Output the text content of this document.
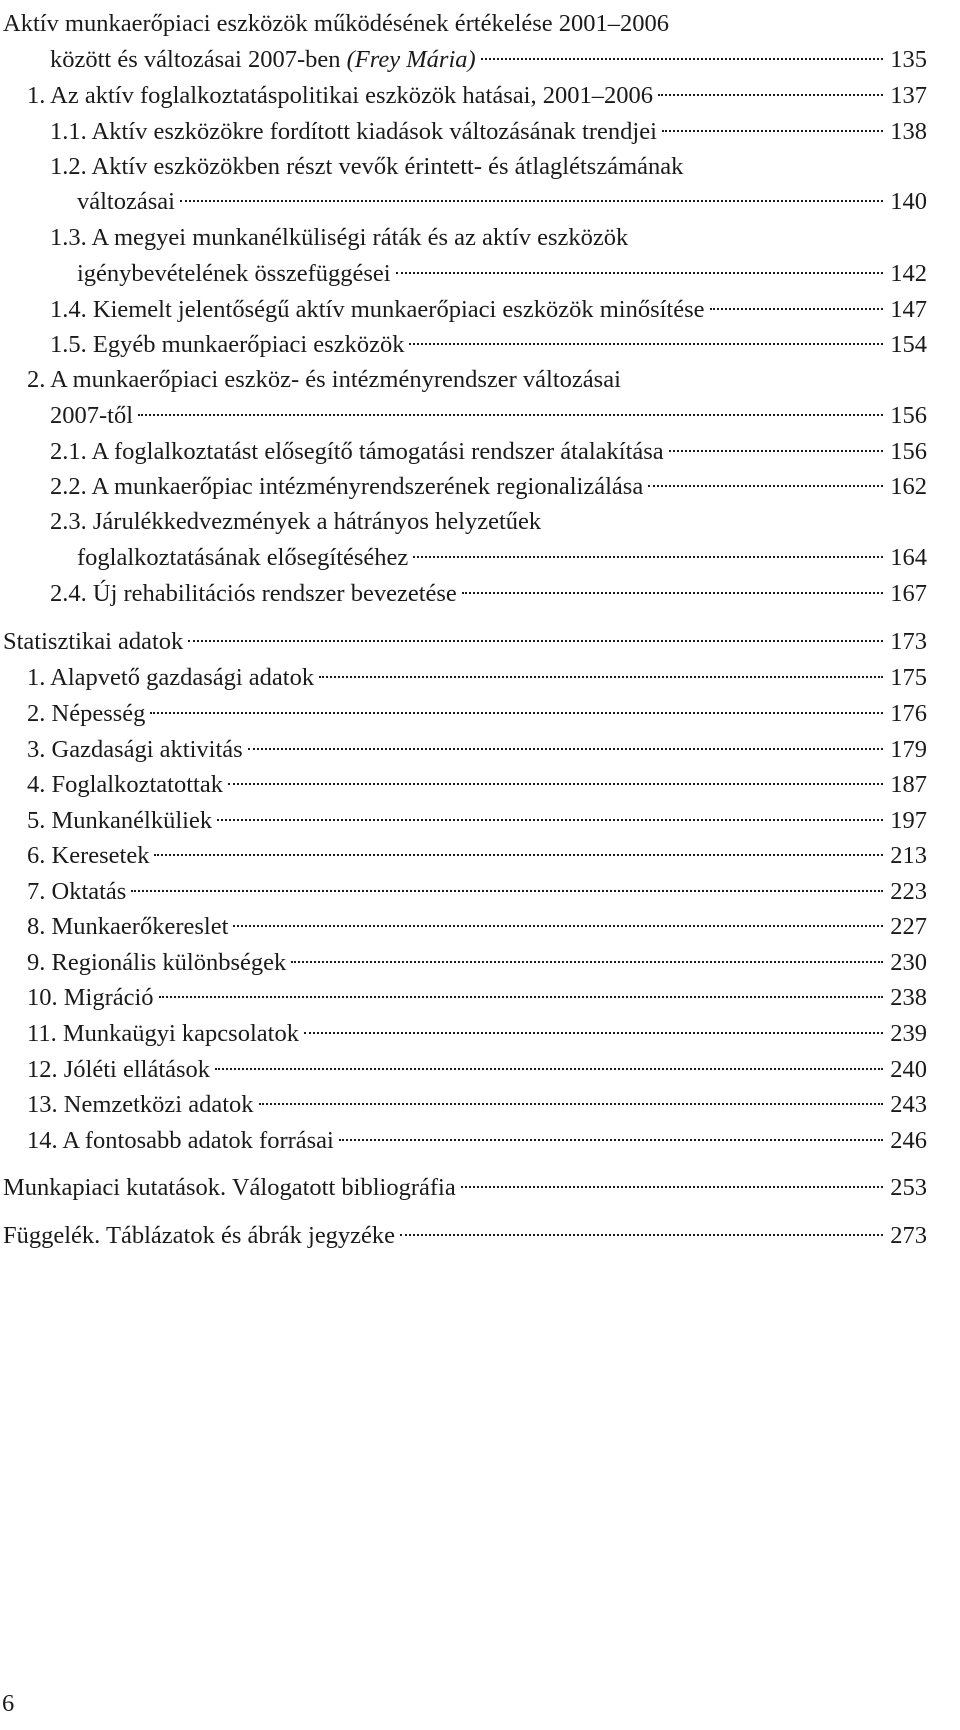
Aktív munkaerőpiaci eszközök működésének értékelése 2001–2006
között és változásai 2007-ben (Frey Mária)	135
1. Az aktív foglalkoztatáspolitikai eszközök hatásai, 2001–2006	137
1.1. Aktív eszközökre fordított kiadások változásának trendjei	138
1.2. Aktív eszközökben részt vevők érintett- és átlaglétszámának
változásai	140
1.3. A megyei munkanélküliségi ráták és az aktív eszközök
igénybevételének összefüggései	142
1.4. Kiemelt jelentőségű aktív munkaerőpiaci eszközök minősítése	147
1.5. Egyéb munkaerőpiaci eszközök	154
2. A munkaerőpiaci eszköz- és intézményrendszer változásai
2007-től	156
2.1. A foglalkoztatást elősegítő támogatási rendszer átalakítása	156
2.2. A munkaerőpiac intézményrendszerének regionalizálása	162
2.3. Járulékkedvezmények a hátrányos helyzetűek
foglalkoztatásának elősegítéséhez	164
2.4. Új rehabilitációs rendszer bevezetése	167
Statisztikai adatok	173
1. Alapvető gazdasági adatok	175
2. Népesség	176
3. Gazdasági aktivitás	179
4. Foglalkoztatottak	187
5. Munkanélküliek	197
6. Keresetek	213
7. Oktatás	223
8. Munkaerőkereslet	227
9. Regionális különbségek	230
10. Migráció	238
11. Munkaügyi kapcsolatok	239
12. Jóléti ellátások	240
13. Nemzetközi adatok	243
14. A fontosabb adatok forrásai	246
Munkapiaci kutatások. Válogatott bibliográfia	253
Függelék. Táblázatok és ábrák jegyzéke	273
6
